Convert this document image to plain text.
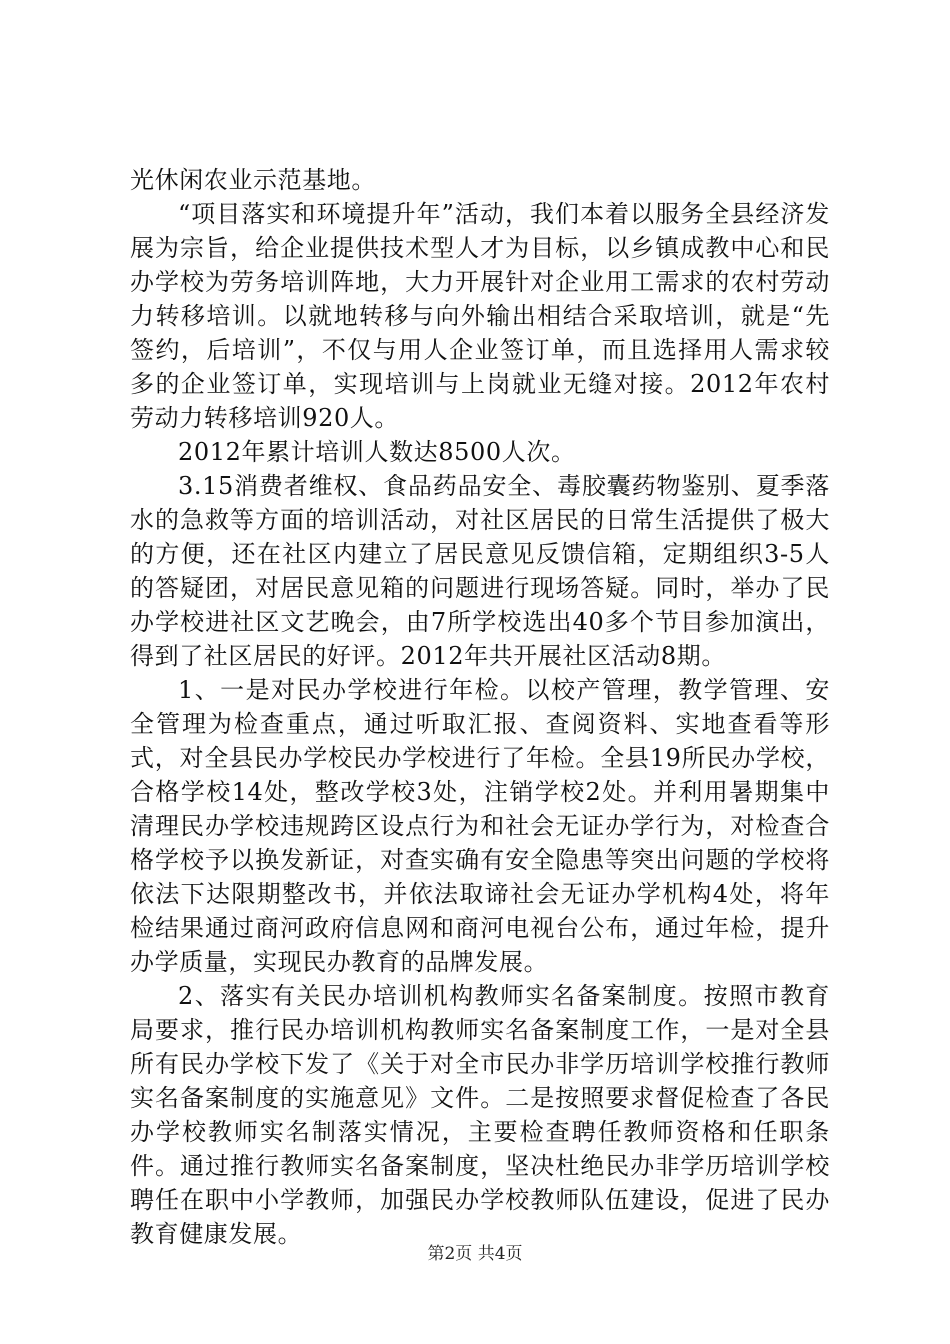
光休闲农业示范基地。

“项目落实和环境提升年”活动，我们本着以服务全县经济发展为宗旨，给企业提供技术型人才为目标，以乡镇成教中心和民办学校为劳务培训阵地，大力开展针对企业用工需求的农村劳动力转移培训。以就地转移与向外输出相结合采取培训，就是“先签约，后培训”，不仅与用人企业签订单，而且选择用人需求较多的企业签订单，实现培训与上岗就业无缝对接。2012年农村劳动力转移培训920人。

2012年累计培训人数达8500人次。

3.15消费者维权、食品药品安全、毒胶囊药物鉴别、夏季落水的急救等方面的培训活动，对社区居民的日常生活提供了极大的方便，还在社区内建立了居民意见反馈信箱，定期组织3-5人的答疑团，对居民意见箱的问题进行现场答疑。同时，举办了民办学校进社区文艺晚会，由7所学校选出40多个节目参加演出，得到了社区居民的好评。2012年共开展社区活动8期。

1、一是对民办学校进行年检。以校产管理，教学管理、安全管理为检查重点，通过听取汇报、查阅资料、实地查看等形式，对全县民办学校民办学校进行了年检。全县19所民办学校，合格学校14处，整改学校3处，注销学校2处。并利用暑期集中清理民办学校违规跨区设点行为和社会无证办学行为，对检查合格学校予以换发新证，对查实确有安全隐患等突出问题的学校将依法下达限期整改书，并依法取谛社会无证办学机构4处，将年检结果通过商河政府信息网和商河电视台公布，通过年检，提升办学质量，实现民办教育的品牌发展。

2、落实有关民办培训机构教师实名备案制度。按照市教育局要求，推行民办培训机构教师实名备案制度工作，一是对全县所有民办学校下发了《关于对全市民办非学历培训学校推行教师实名备案制度的实施意见》文件。二是按照要求督促检查了各民办学校教师实名制落实情况，主要检查聘任教师资格和任职条件。通过推行教师实名备案制度，坚决杜绝民办非学历培训学校聘任在职中小学教师，加强民办学校教师队伍建设，促进了民办教育健康发展。

第2页 共4页
